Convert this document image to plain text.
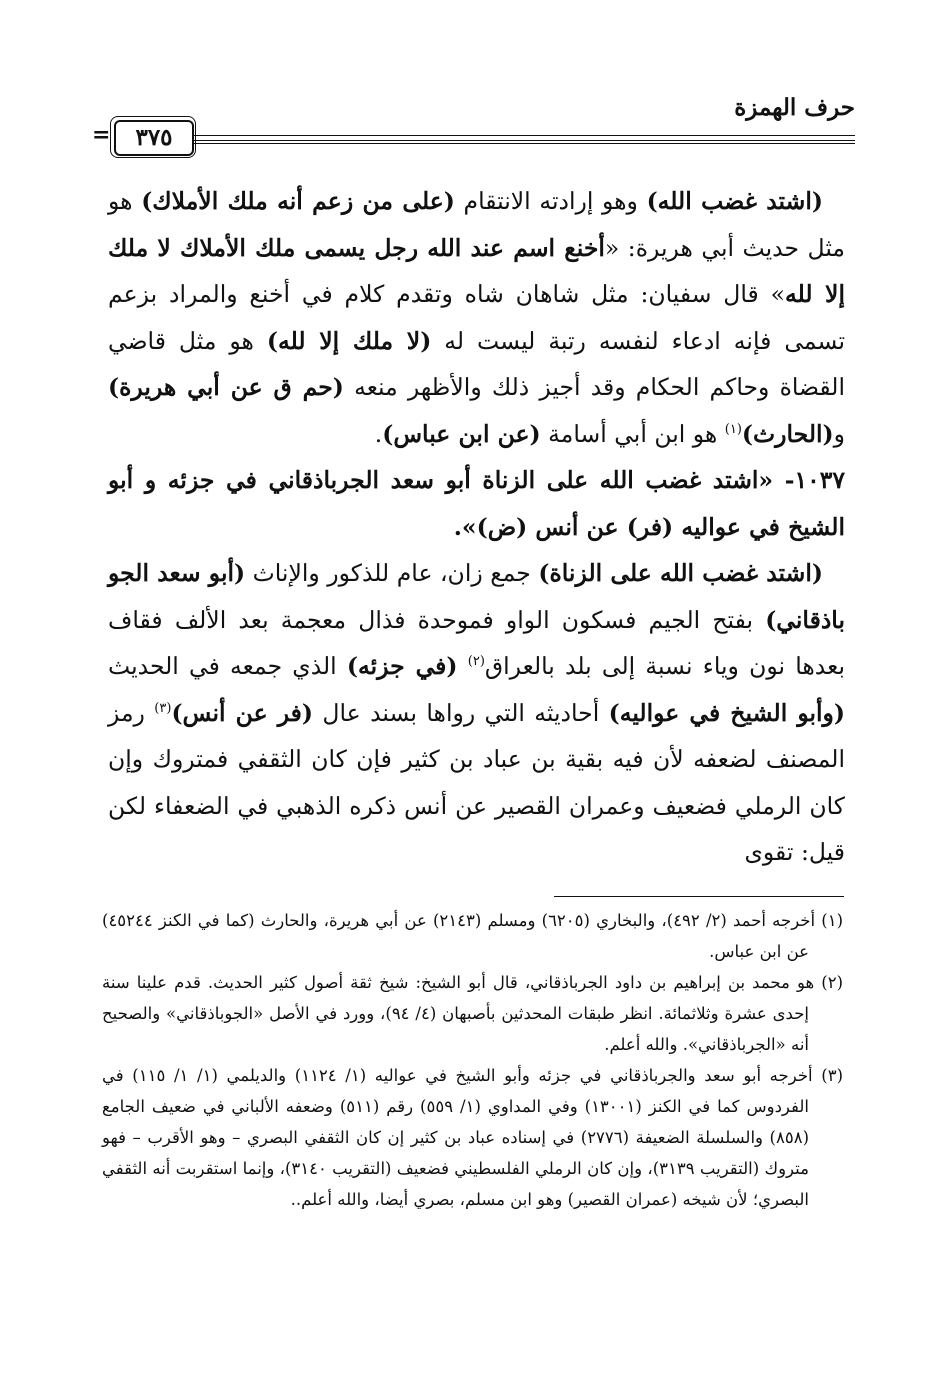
حرف الهمزة
٣٧٥
=

(اشتد غضب الله) وهو إرادته الانتقام (على من زعم أنه ملك الأملاك) هو مثل حديث أبي هريرة: «أخنع اسم عند الله رجل يسمى ملك الأملاك لا ملك إلا لله» قال سفيان: مثل شاهان شاه وتقدم كلام في أخنع والمراد بزعم تسمى فإنه ادعاء لنفسه رتبة ليست له (لا ملك إلا لله) هو مثل قاضي القضاة وحاكم الحكام وقد أجيز ذلك والأظهر منعه (حم ق عن أبي هريرة) و(الحارث)$^{(١)}$ هو ابن أبي أسامة (عن ابن عباس).

١٠٣٧- «اشتد غضب الله على الزناة أبو سعد الجرباذقاني في جزئه و أبو الشيخ في عواليه (فر) عن أنس (ض)».

(اشتد غضب الله على الزناة) جمع زان، عام للذكور والإناث (أبو سعد الجو باذقاني) بفتح الجيم فسكون الواو فموحدة فذال معجمة بعد الألف فقاف بعدها نون وياء نسبة إلى بلد بالعراق$^{(٢)}$ (في جزئه) الذي جمعه في الحديث (وأبو الشيخ في عواليه) أحاديثه التي رواها بسند عال (فر عن أنس)$^{(٣)}$ رمز المصنف لضعفه لأن فيه بقية بن عباد بن كثير فإن كان الثقفي فمتروك وإن كان الرملي فضعيف وعمران القصير عن أنس ذكره الذهبي في الضعفاء لكن قيل: تقوى

(١) أخرجه أحمد (٢/ ٤٩٢)، والبخاري (٦٢٠٥) ومسلم (٢١٤٣) عن أبي هريرة، والحارث (كما في الكنز ٤٥٢٤٤) عن ابن عباس.

(٢) هو محمد بن إبراهيم بن داود الجرباذقاني، قال أبو الشيخ: شيخ ثقة أصول كثير الحديث. قدم علينا سنة إحدى عشرة وثلاثمائة. انظر طبقات المحدثين بأصبهان (٤/ ٩٤)، وورد في الأصل «الجوباذقاني» والصحيح أنه «الجرباذقاني». والله أعلم.

(٣) أخرجه أبو سعد والجرباذقاني في جزئه وأبو الشيخ في عواليه (١/ ١١٢٤) والديلمي (١/ ١/ ١١٥) في الفردوس كما في الكنز (١٣٠٠١) وفي المداوي (١/ ٥٥٩) رقم (٥١١) وضعفه الألباني في ضعيف الجامع (٨٥٨) والسلسلة الضعيفة (٢٧٧٦) في إسناده عباد بن كثير إن كان الثقفي البصري – وهو الأقرب – فهو متروك (التقريب ٣١٣٩)، وإن كان الرملي الفلسطيني فضعيف (التقريب ٣١٤٠)، وإنما استقربت أنه الثقفي البصري؛ لأن شيخه (عمران القصير) وهو ابن مسلم، بصري أيضا، والله أعلم..
